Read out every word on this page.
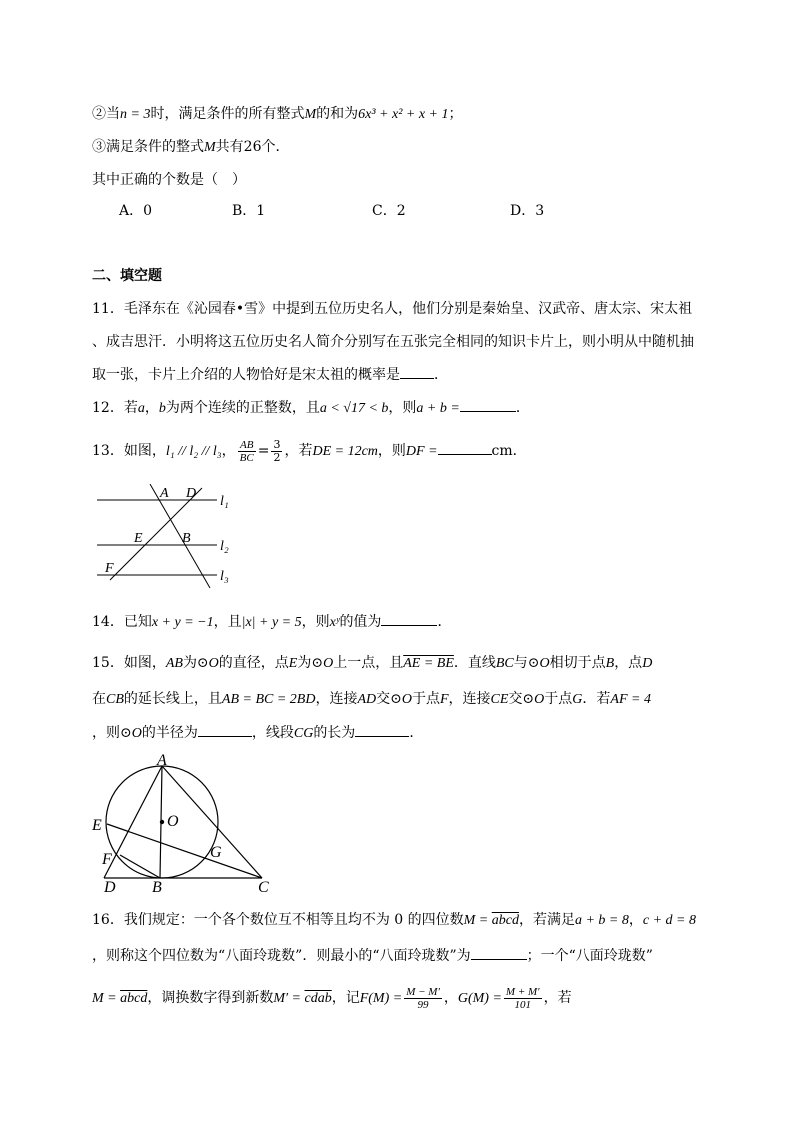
②当n = 3时，满足条件的所有整式M的和为6x³ + x² + x + 1；
③满足条件的整式M共有26个．
其中正确的个数是（　）
A．0	B．1	C．2	D．3
二、填空题
11．毛泽东在《沁园春•雪》中提到五位历史名人，他们分别是秦始皇、汉武帝、唐太宗、宋太祖
、成吉思汗．小明将这五位历史名人简介分别写在五张完全相同的知识卡片上，则小明从中随机抽
取一张，卡片上介绍的人物恰好是宋太祖的概率是 ．
12．若a，b为两个连续的正整数，且a < √17 < b，则a + b =	．
13．如图，l₁ // l₂ // l₃， $\frac{AB}{BC} = \frac{3}{2}$ ，若DE = 12cm，则DF =	cm．
A D
E	B
F
l₁
l₂
l₃
14．已知x + y = −1，且|x| + y = 5，则xʸ的值为	．
15．如图，AB为⊙O的直径，点E为⊙O上一点，且AE = BE．直线BC与⊙O相切于点B，点D
在CB的延长线上，且AB = BC = 2BD，连接AD交⊙O于点F，连接CE交⊙O于点G．若AF = 4
，则⊙O的半径为	，线段CG的长为	．
A
O
E
F	G
D B	C
16．我们规定：一个各个数位互不相等且均不为 0 的四位数M = abcd，若满足a + b = 8，c + d = 8
，则称这个四位数为“八面玲珑数”．则最小的“八面玲珑数”为	；一个“八面玲珑数”
M = abcd，调换数字得到新数M′ = cdab，记$F(M) = \frac{M - M'}{99}$ ，$G(M) = \frac{M + M'}{101}$ ，若
